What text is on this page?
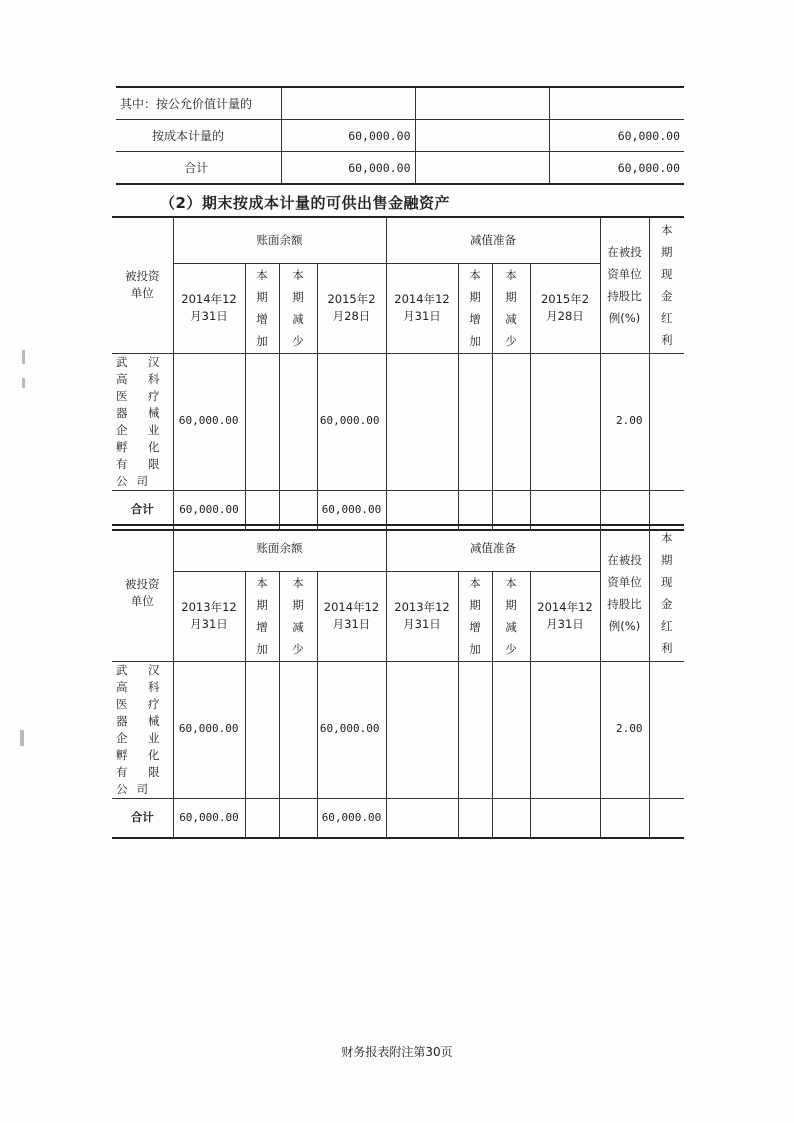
其中：按公允价值计量的			
按成本计量的	60,000.00		60,000.00
合计	60,000.00		60,000.00
（2）期末按成本计量的可供出售金融资产
被投资单位	账面余额				减值准备				在被投资单位持股比例(%)	本期现金红利
	2014年12月31日	本期增加	本期减少	2015年2月28日	2014年12月31日	本期增加	本期减少	2015年2月28日		
武汉高科医疗器械企业孵化有限公司	60,000.00			60,000.00					2.00	
合计	60,000.00			60,000.00						
被投资单位	账面余额				减值准备				在被投资单位持股比例(%)	本期现金红利
	2013年12月31日	本期增加	本期减少	2014年12月31日	2013年12月31日	本期增加	本期减少	2014年12月31日		
武汉高科医疗器械企业孵化有限公司	60,000.00			60,000.00					2.00	
合计	60,000.00			60,000.00						
财务报表附注第30页
